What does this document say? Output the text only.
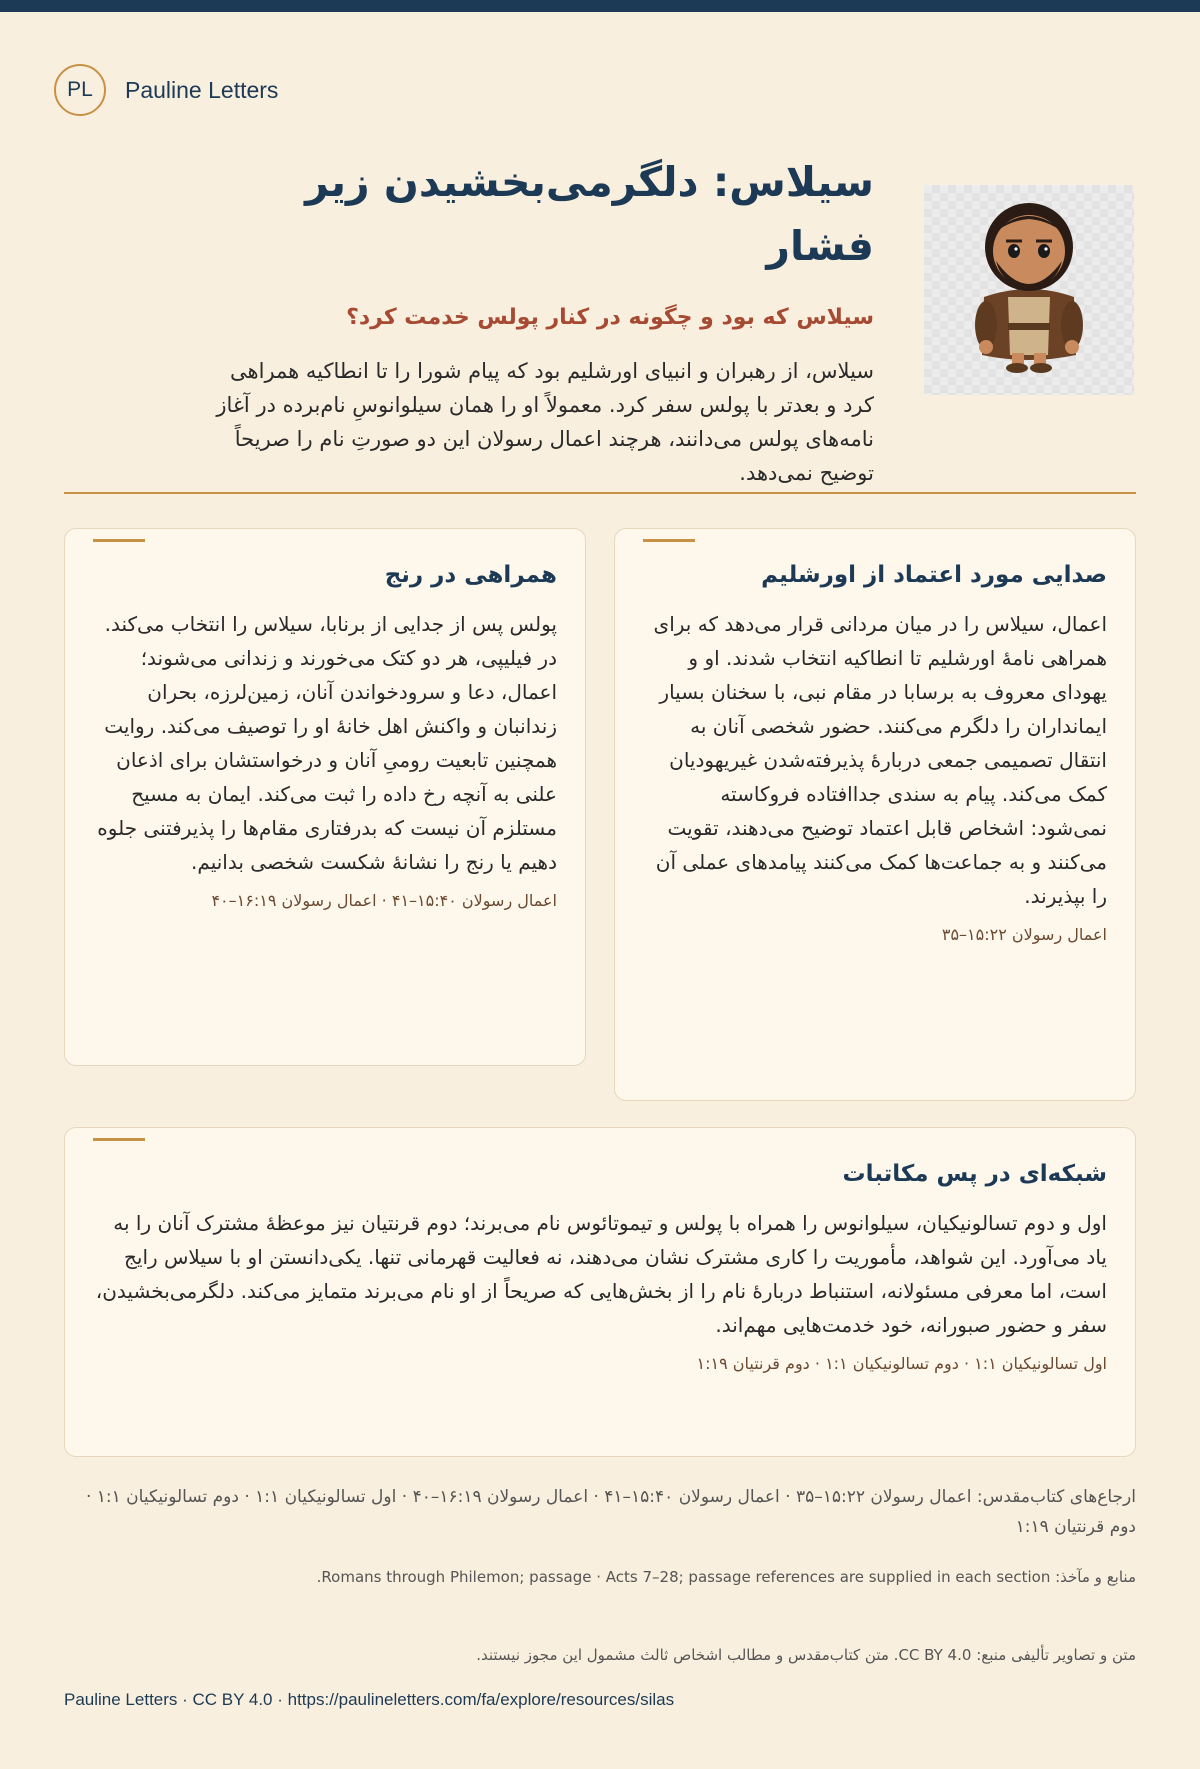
PL	Pauline Letters
سیلاس: دلگرمی‌بخشیدن زیر فشار
سیلاس که بود و چگونه در کنار پولس خدمت کرد؟

سیلاس، از رهبران و انبیای اورشلیم بود که پیام شورا را تا انطاکیه همراهی کرد و بعدتر با پولس سفر کرد. معمولاً او را همان سیلوانوسِ نام‌برده در آغاز نامه‌های پولس می‌دانند، هرچند اعمال رسولان این دو صورتِ نام را صریحاً توضیح نمی‌دهد.

صدایی مورد اعتماد از اورشلیم

اعمال، سیلاس را در میان مردانی قرار می‌دهد که برای همراهی نامهٔ اورشلیم تا انطاکیه انتخاب شدند. او و یهودای معروف به برسابا در مقام نبی، با سخنان بسیار ایمانداران را دلگرم می‌کنند. حضور شخصی آنان به انتقال تصمیمی جمعی دربارهٔ پذیرفته‌شدن غیریهودیان کمک می‌کند. پیام به سندی جداافتاده فروکاسته نمی‌شود: اشخاص قابل اعتماد توضیح می‌دهند، تقویت می‌کنند و به جماعت‌ها کمک می‌کنند پیامدهای عملی آن را بپذیرند.

اعمال رسولان ۱۵:۲۲–۳۵

همراهی در رنج

پولس پس از جدایی از برنابا، سیلاس را انتخاب می‌کند. در فیلیپی، هر دو کتک می‌خورند و زندانی می‌شوند؛ اعمال، دعا و سرودخواندن آنان، زمین‌لرزه، بحران زندانبان و واکنش اهل خانهٔ او را توصیف می‌کند. روایت همچنین تابعیت رومیِ آنان و درخواستشان برای اذعان علنی به آنچه رخ داده را ثبت می‌کند. ایمان به مسیح مستلزم آن نیست که بدرفتاری مقام‌ها را پذیرفتنی جلوه دهیم یا رنج را نشانهٔ شکست شخصی بدانیم.

اعمال رسولان ۱۵:۴۰–۴۱ · اعمال رسولان ۱۶:۱۹–۴۰

شبکه‌ای در پس مکاتبات

اول و دوم تسالونیکیان، سیلوانوس را همراه با پولس و تیموتائوس نام می‌برند؛ دوم قرنتیان نیز موعظهٔ مشترک آنان را به یاد می‌آورد. این شواهد، مأموریت را کاری مشترک نشان می‌دهند، نه فعالیت قهرمانی تنها. یکی‌دانستن او با سیلاس رایج است، اما معرفی مسئولانه، استنباط دربارهٔ نام را از بخش‌هایی که صریحاً از او نام می‌برند متمایز می‌کند. دلگرمی‌بخشیدن، سفر و حضور صبورانه، خود خدمت‌هایی مهم‌اند.

اول تسالونیکیان ۱:۱ · دوم تسالونیکیان ۱:۱ · دوم قرنتیان ۱:۱۹

ارجاع‌های کتاب‌مقدس: اعمال رسولان ۱۵:۲۲–۳۵ · اعمال رسولان ۱۵:۴۰–۴۱ · اعمال رسولان ۱۶:۱۹–۴۰ · اول تسالونیکیان ۱:۱ · دوم تسالونیکیان ۱:۱ · دوم قرنتیان ۱:۱۹

منابع و مآخذ: Romans through Philemon; passage · Acts 7–28; passage references are supplied in each section.

متن و تصاویر تألیفی منبع: CC BY 4.0. متن کتاب‌مقدس و مطالب اشخاص ثالث مشمول این مجوز نیستند.

Pauline Letters · CC BY 4.0 · https://paulineletters.com/fa/explore/resources/silas
